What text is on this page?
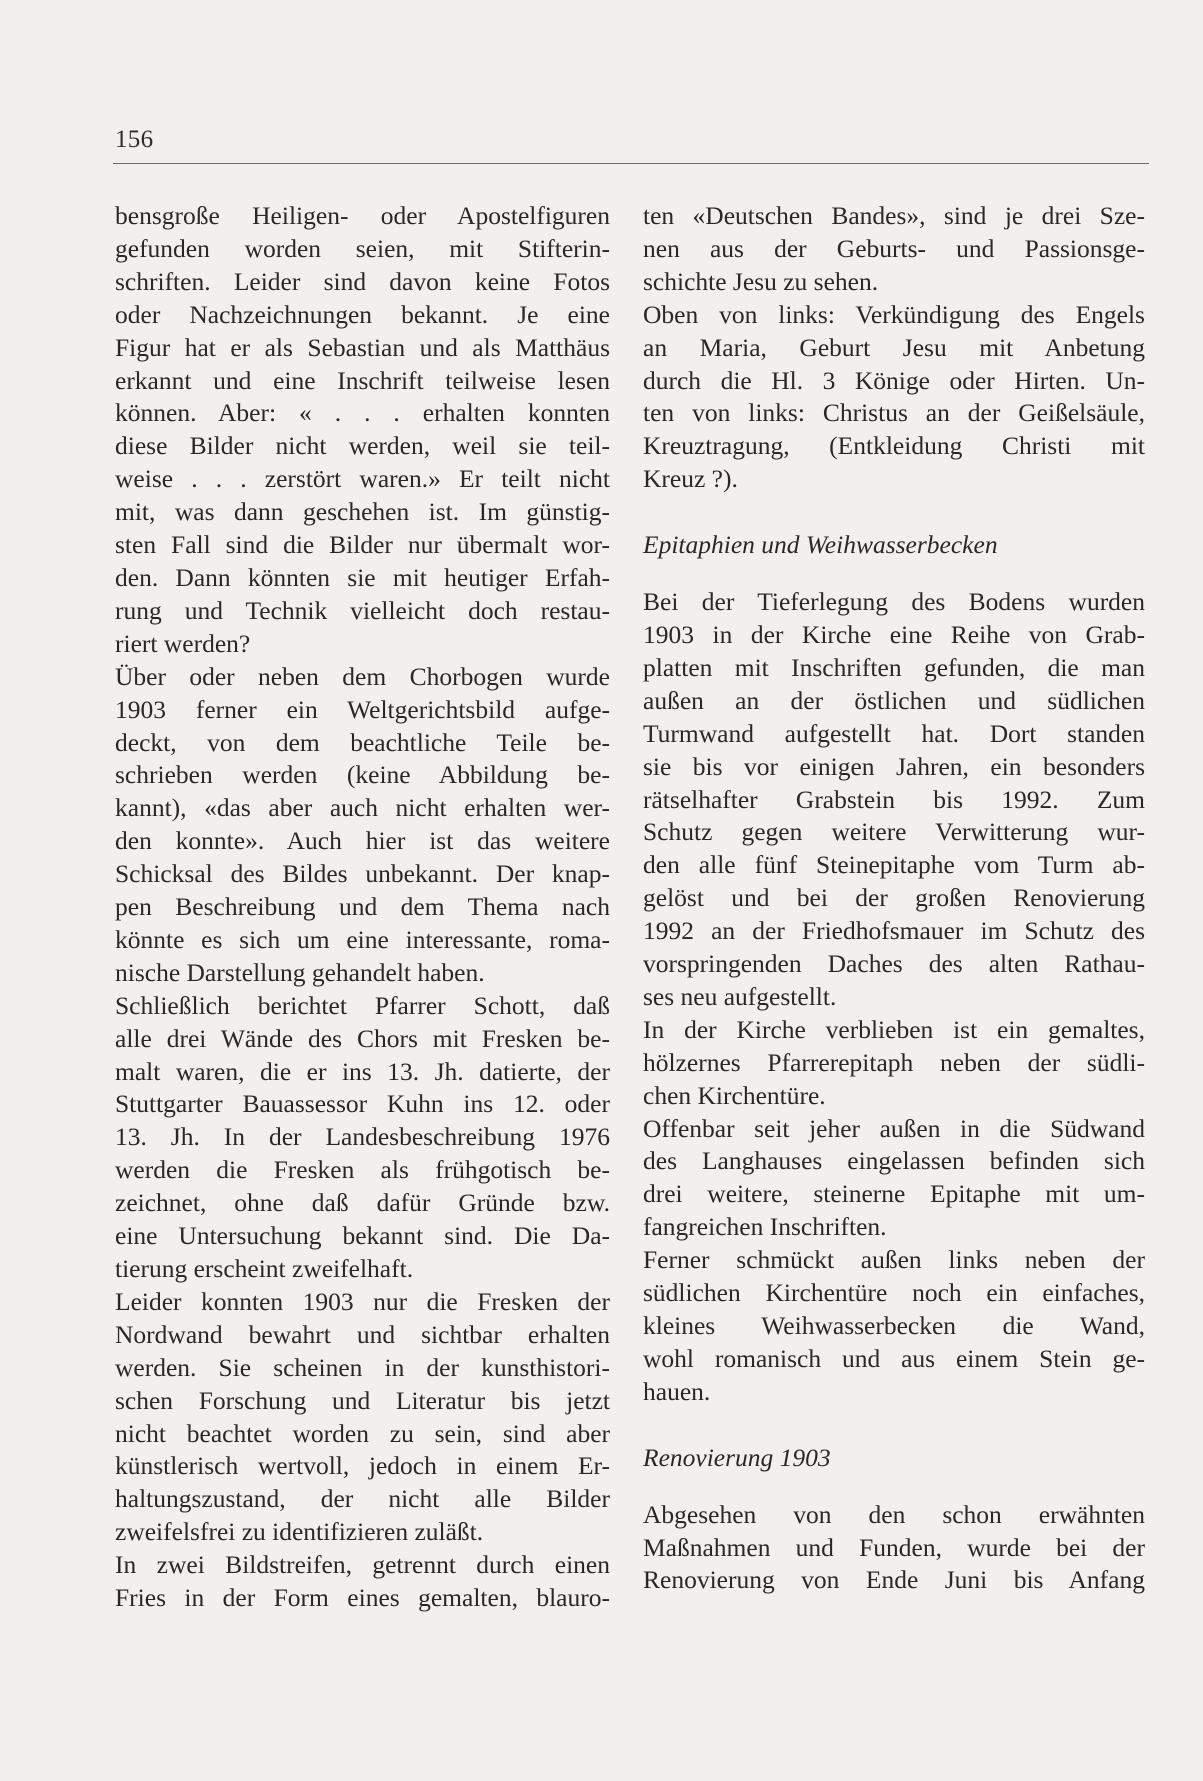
156

bensgroße Heiligen- oder Apostelfiguren
gefunden worden seien, mit Stifterin-
schriften. Leider sind davon keine Fotos
oder Nachzeichnungen bekannt. Je eine
Figur hat er als Sebastian und als Matthäus
erkannt und eine Inschrift teilweise lesen
können. Aber: « . . . erhalten konnten
diese Bilder nicht werden, weil sie teil-
weise . . . zerstört waren.» Er teilt nicht
mit, was dann geschehen ist. Im günstig-
sten Fall sind die Bilder nur übermalt wor-
den. Dann könnten sie mit heutiger Erfah-
rung und Technik vielleicht doch restau-
riert werden?

Über oder neben dem Chorbogen wurde
1903 ferner ein Weltgerichtsbild aufge-
deckt, von dem beachtliche Teile be-
schrieben werden (keine Abbildung be-
kannt), «das aber auch nicht erhalten wer-
den konnte». Auch hier ist das weitere
Schicksal des Bildes unbekannt. Der knap-
pen Beschreibung und dem Thema nach
könnte es sich um eine interessante, roma-
nische Darstellung gehandelt haben.

Schließlich berichtet Pfarrer Schott, daß
alle drei Wände des Chors mit Fresken be-
malt waren, die er ins 13. Jh. datierte, der
Stuttgarter Bauassessor Kuhn ins 12. oder
13. Jh. In der Landesbeschreibung 1976
werden die Fresken als frühgotisch be-
zeichnet, ohne daß dafür Gründe bzw.
eine Untersuchung bekannt sind. Die Da-
tierung erscheint zweifelhaft.

Leider konnten 1903 nur die Fresken der
Nordwand bewahrt und sichtbar erhalten
werden. Sie scheinen in der kunsthistori-
schen Forschung und Literatur bis jetzt
nicht beachtet worden zu sein, sind aber
künstlerisch wertvoll, jedoch in einem Er-
haltungszustand, der nicht alle Bilder
zweifelsfrei zu identifizieren zuläßt.

In zwei Bildstreifen, getrennt durch einen
Fries in der Form eines gemalten, blauro-

ten «Deutschen Bandes», sind je drei Sze-
nen aus der Geburts- und Passionsge-
schichte Jesu zu sehen.

Oben von links: Verkündigung des Engels
an Maria, Geburt Jesu mit Anbetung
durch die Hl. 3 Könige oder Hirten. Un-
ten von links: Christus an der Geißelsäule,
Kreuztragung, (Entkleidung Christi mit
Kreuz ?).

Epitaphien und Weihwasserbecken

Bei der Tieferlegung des Bodens wurden
1903 in der Kirche eine Reihe von Grab-
platten mit Inschriften gefunden, die man
außen an der östlichen und südlichen
Turmwand aufgestellt hat. Dort standen
sie bis vor einigen Jahren, ein besonders
rätselhafter Grabstein bis 1992. Zum
Schutz gegen weitere Verwitterung wur-
den alle fünf Steinepitaphe vom Turm ab-
gelöst und bei der großen Renovierung
1992 an der Friedhofsmauer im Schutz des
vorspringenden Daches des alten Rathau-
ses neu aufgestellt.

In der Kirche verblieben ist ein gemaltes,
hölzernes Pfarrerepitaph neben der südli-
chen Kirchentüre.

Offenbar seit jeher außen in die Südwand
des Langhauses eingelassen befinden sich
drei weitere, steinerne Epitaphe mit um-
fangreichen Inschriften.

Ferner schmückt außen links neben der
südlichen Kirchentüre noch ein einfaches,
kleines Weihwasserbecken die Wand,
wohl romanisch und aus einem Stein ge-
hauen.

Renovierung 1903

Abgesehen von den schon erwähnten
Maßnahmen und Funden, wurde bei der
Renovierung von Ende Juni bis Anfang
